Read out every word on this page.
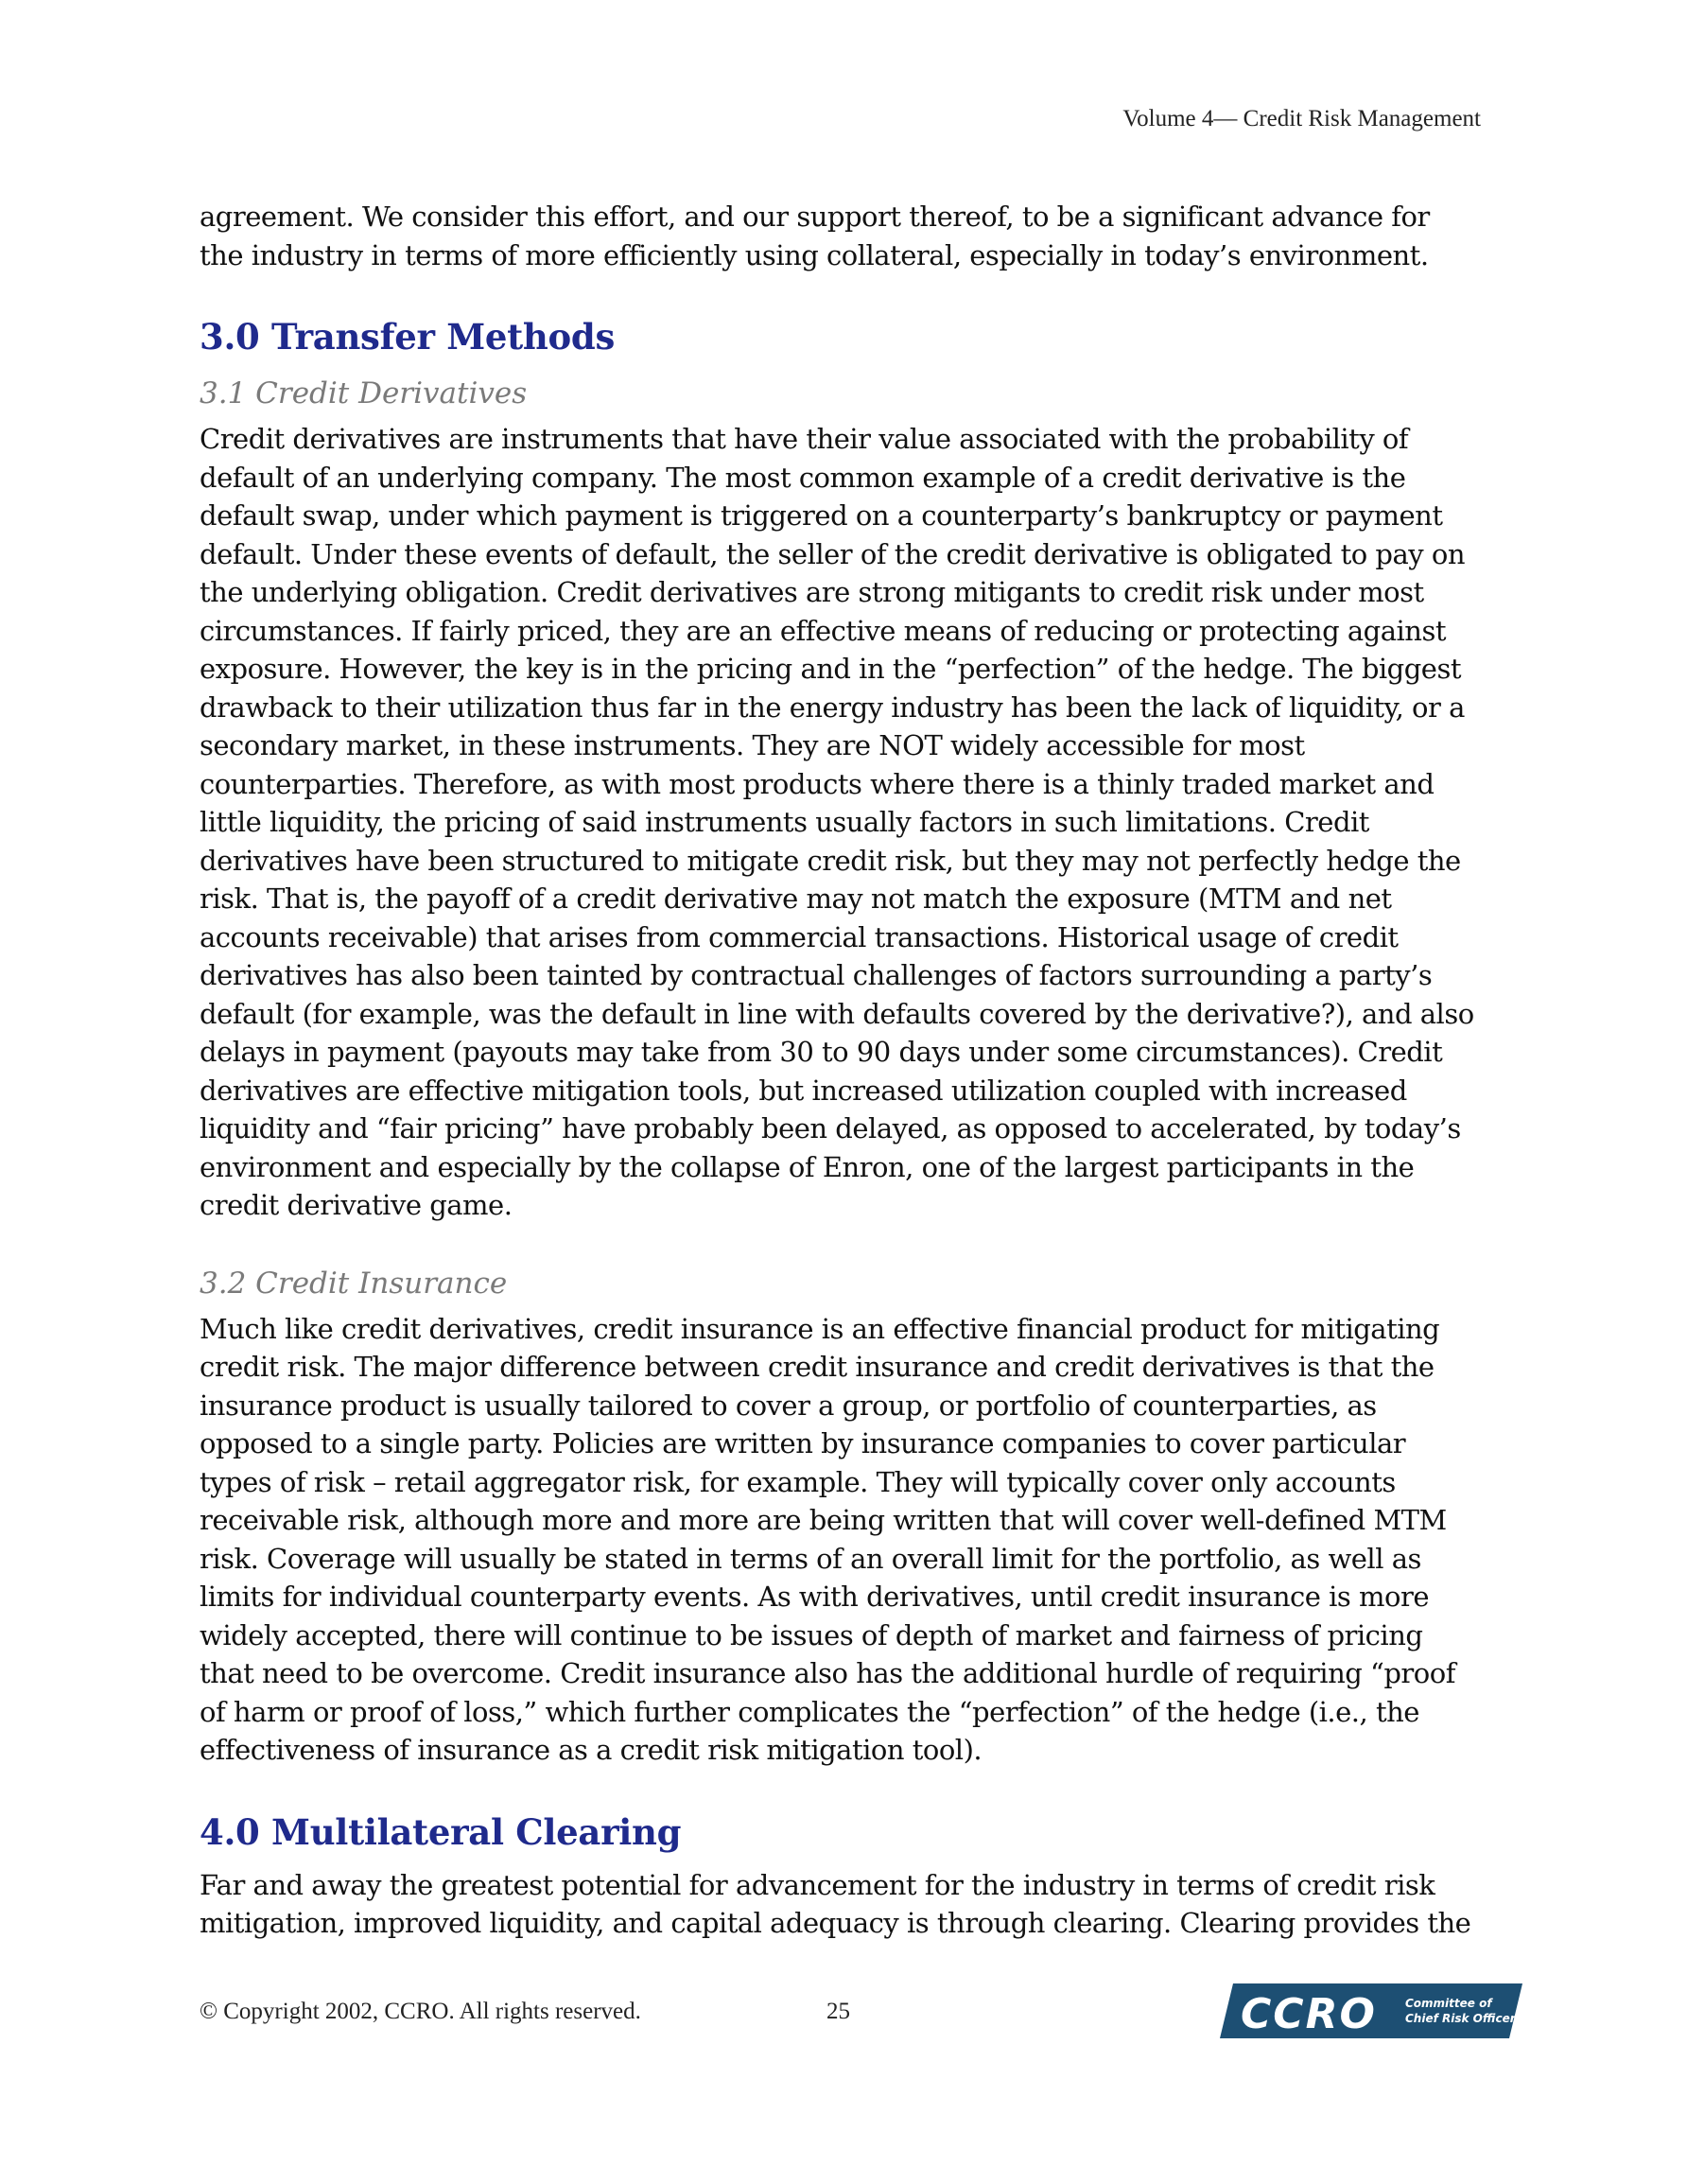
Volume 4— Credit Risk Management

agreement. We consider this effort, and our support thereof, to be a significant advance for the industry in terms of more efficiently using collateral, especially in today’s environment.

3.0 Transfer Methods
3.1 Credit Derivatives

Credit derivatives are instruments that have their value associated with the probability of default of an underlying company. The most common example of a credit derivative is the default swap, under which payment is triggered on a counterparty’s bankruptcy or payment default. Under these events of default, the seller of the credit derivative is obligated to pay on the underlying obligation. Credit derivatives are strong mitigants to credit risk under most circumstances. If fairly priced, they are an effective means of reducing or protecting against exposure. However, the key is in the pricing and in the “perfection” of the hedge. The biggest drawback to their utilization thus far in the energy industry has been the lack of liquidity, or a secondary market, in these instruments. They are NOT widely accessible for most counterparties. Therefore, as with most products where there is a thinly traded market and little liquidity, the pricing of said instruments usually factors in such limitations. Credit derivatives have been structured to mitigate credit risk, but they may not perfectly hedge the risk. That is, the payoff of a credit derivative may not match the exposure (MTM and net accounts receivable) that arises from commercial transactions. Historical usage of credit derivatives has also been tainted by contractual challenges of factors surrounding a party’s default (for example, was the default in line with defaults covered by the derivative?), and also delays in payment (payouts may take from 30 to 90 days under some circumstances). Credit derivatives are effective mitigation tools, but increased utilization coupled with increased liquidity and “fair pricing” have probably been delayed, as opposed to accelerated, by today’s environment and especially by the collapse of Enron, one of the largest participants in the credit derivative game.

3.2 Credit Insurance

Much like credit derivatives, credit insurance is an effective financial product for mitigating credit risk. The major difference between credit insurance and credit derivatives is that the insurance product is usually tailored to cover a group, or portfolio of counterparties, as opposed to a single party. Policies are written by insurance companies to cover particular types of risk – retail aggregator risk, for example. They will typically cover only accounts receivable risk, although more and more are being written that will cover well-defined MTM risk. Coverage will usually be stated in terms of an overall limit for the portfolio, as well as limits for individual counterparty events. As with derivatives, until credit insurance is more widely accepted, there will continue to be issues of depth of market and fairness of pricing that need to be overcome. Credit insurance also has the additional hurdle of requiring “proof of harm or proof of loss,” which further complicates the “perfection” of the hedge (i.e., the effectiveness of insurance as a credit risk mitigation tool).

4.0 Multilateral Clearing

Far and away the greatest potential for advancement for the industry in terms of credit risk mitigation, improved liquidity, and capital adequacy is through clearing. Clearing provides the

© Copyright 2002, CCRO. All rights reserved.	25	CCRO	Committee of
Chief Risk Officers
